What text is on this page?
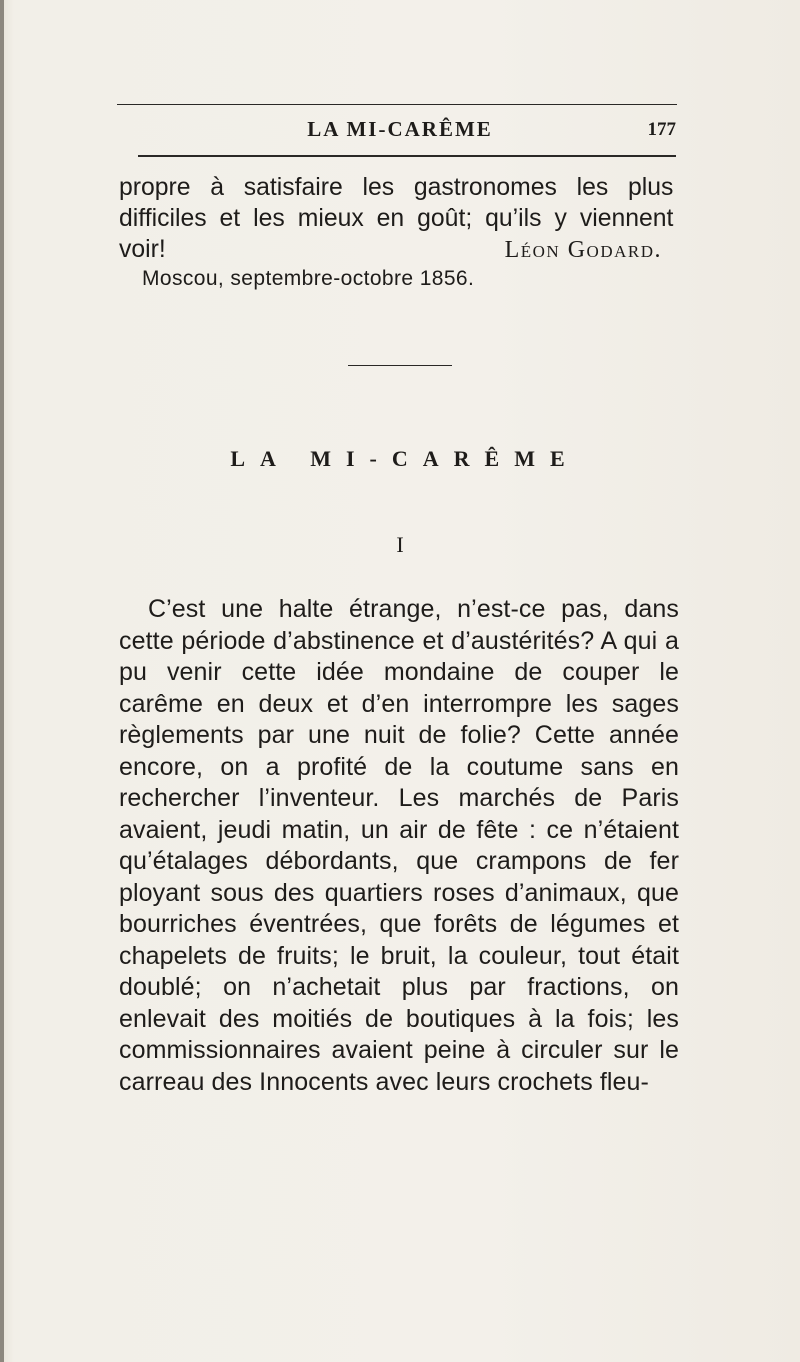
LA MI-CARÊME	177

propre à satisfaire les gastronomes les plus difficiles et les mieux en goût; qu’ils y viennent voir!	Léon Godard.

Moscou, septembre-octobre 1856.

LA MI-CARÊME

I

C’est une halte étrange, n’est-ce pas, dans cette période d’abstinence et d’austérités? A qui a pu venir cette idée mondaine de couper le carême en deux et d’en interrompre les sages règlements par une nuit de folie? Cette année encore, on a profité de la coutume sans en rechercher l’inventeur. Les marchés de Paris avaient, jeudi matin, un air de fête : ce n’étaient qu’étalages débordants, que crampons de fer ployant sous des quartiers roses d’animaux, que bourriches éventrées, que forêts de légumes et chapelets de fruits; le bruit, la couleur, tout était doublé; on n’achetait plus par fractions, on enlevait des moitiés de boutiques à la fois; les commissionnaires avaient peine à circuler sur le carreau des Innocents avec leurs crochets fleu-
